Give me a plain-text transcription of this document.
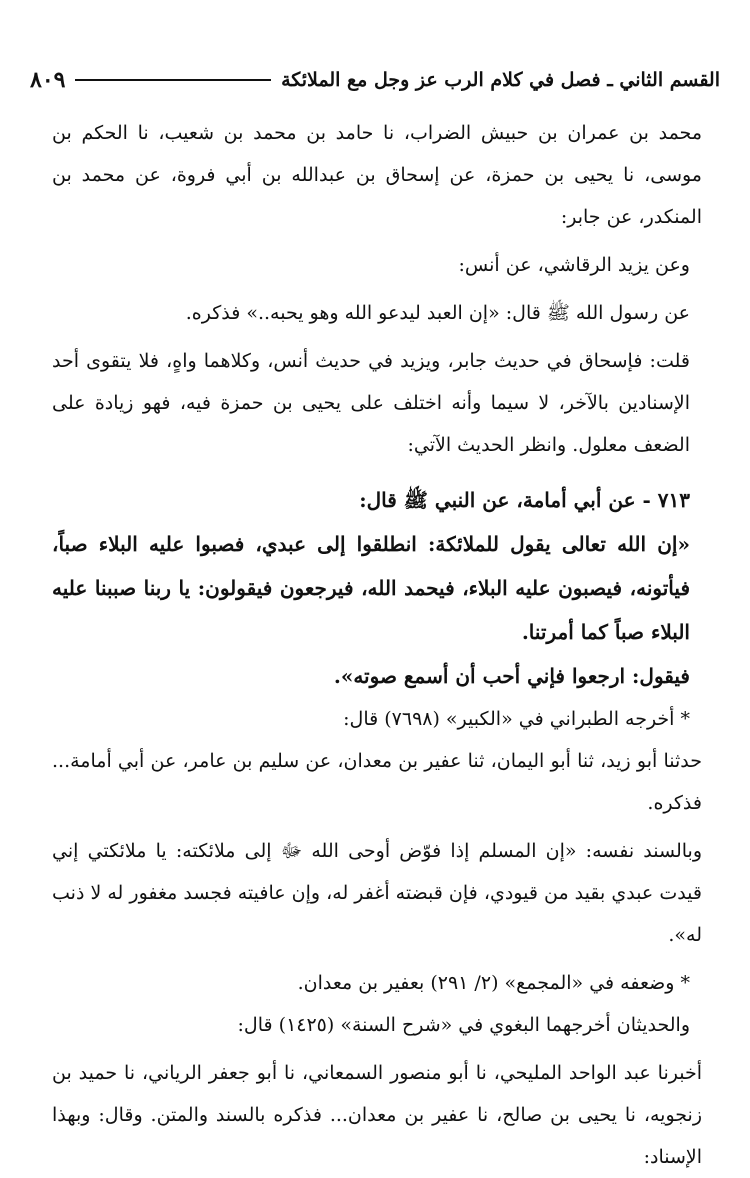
القسم الثاني ـ فصل في كلام الرب عز وجل مع الملائكة
٨٠٩

محمد بن عمران بن حبيش الضراب، نا حامد بن محمد بن شعيب، نا الحكم بن موسى، نا يحيى بن حمزة، عن إسحاق بن عبدالله بن أبي فروة، عن محمد بن المنكدر، عن جابر:

وعن يزيد الرقاشي، عن أنس:

عن رسول الله ﷺ قال: «إن العبد ليدعو الله وهو يحبه..» فذكره.

قلت: فإسحاق في حديث جابر، ويزيد في حديث أنس، وكلاهما واهٍ، فلا يتقوى أحد الإسنادين بالآخر، لا سيما وأنه اختلف على يحيى بن حمزة فيه، فهو زيادة على الضعف معلول. وانظر الحديث الآتي:

٧١٣ - عن أبي أمامة، عن النبي ﷺ قال:

«إن الله تعالى يقول للملائكة: انطلقوا إلى عبدي، فصبوا عليه البلاء صباً، فيأتونه، فيصبون عليه البلاء، فيحمد الله، فيرجعون فيقولون: يا ربنا صببنا عليه البلاء صباً كما أمرتنا.

فيقول: ارجعوا فإني أحب أن أسمع صوته».

* أخرجه الطبراني في «الكبير» (٧٦٩٨) قال:

حدثنا أبو زيد، ثنا أبو اليمان، ثنا عفير بن معدان، عن سليم بن عامر، عن أبي أمامة... فذكره.

وبالسند نفسه: «إن المسلم إذا فوّض أوحى الله ﷻ إلى ملائكته: يا ملائكتي إني قيدت عبدي بقيد من قيودي، فإن قبضته أغفر له، وإن عافيته فجسد مغفور له لا ذنب له».

* وضعفه في «المجمع» (٢/ ٢٩١) بعفير بن معدان.

والحديثان أخرجهما البغوي في «شرح السنة» (١٤٢٥) قال:

أخبرنا عبد الواحد المليحي، نا أبو منصور السمعاني، نا أبو جعفر الرياني، نا حميد بن زنجويه، نا يحيى بن صالح، نا عفير بن معدان... فذكره بالسند والمتن. وقال: وبهذا الإسناد:
